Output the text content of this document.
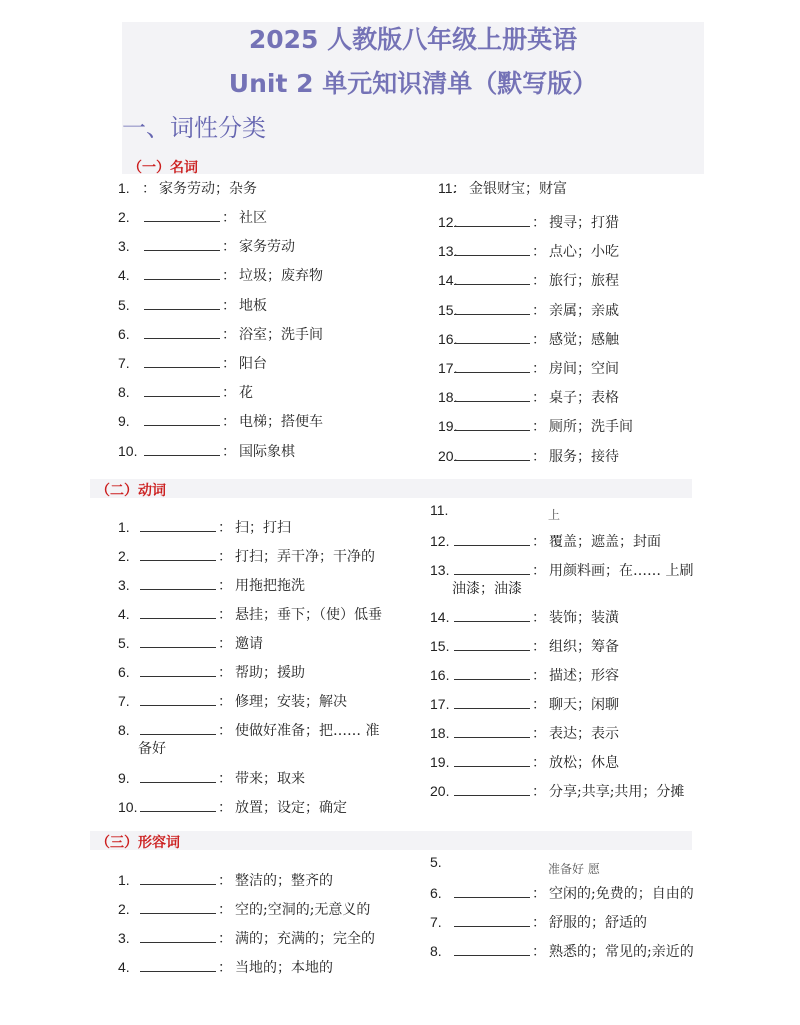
2025 人教版八年级上册英语
Unit 2 单元知识清单（默写版）
一、词性分类
（一）名词
1. ： 家务劳动；杂务
2.	： 社区
3.	： 家务劳动
4.	： 垃圾；废弃物
5.	： 地板
6.	： 浴室；洗手间
7.	： 阳台
8.	： 花
9.	： 电梯；搭便车
10.	： 国际象棋
11.： 金银财宝；财富
12.	： 搜寻；打猎
13.	： 点心；小吃
14.	： 旅行；旅程
15.	： 亲属；亲戚
16.	： 感觉；感触
17.	： 房间；空间
18.	： 桌子；表格
19.	： 厕所；洗手间
20.	： 服务；接待
（二）动词
1.	： 扫；打扫
2.	： 打扫；弄干净；干净的
3.	： 用拖把拖洗
4.	： 悬挂；垂下；（使）低垂
5.	： 邀请
6.	： 帮助；援助
7.	： 修理；安装；解决
8.	： 使做好准备；把…… 准
备好
9.	： 带来；取来
10.	： 放置；设定；确定
11.	上
12.	： 覆盖；遮盖；封面
13.	： 用颜料画；在…… 上刷
油漆；油漆
14.	： 装饰；装潢
15.	： 组织；筹备
16.	： 描述；形容
17.	： 聊天；闲聊
18.	： 表达；表示
19.	： 放松；休息
20.	： 分享;共享;共用；分摊
（三）形容词
1.	： 整洁的；整齐的
2.	： 空的;空洞的;无意义的
3.	： 满的；充满的；完全的
4.	： 当地的；本地的
5.	准备好 愿
6.	： 空闲的;免费的；自由的
7.	： 舒服的；舒适的
8.	： 熟悉的；常见的;亲近的
